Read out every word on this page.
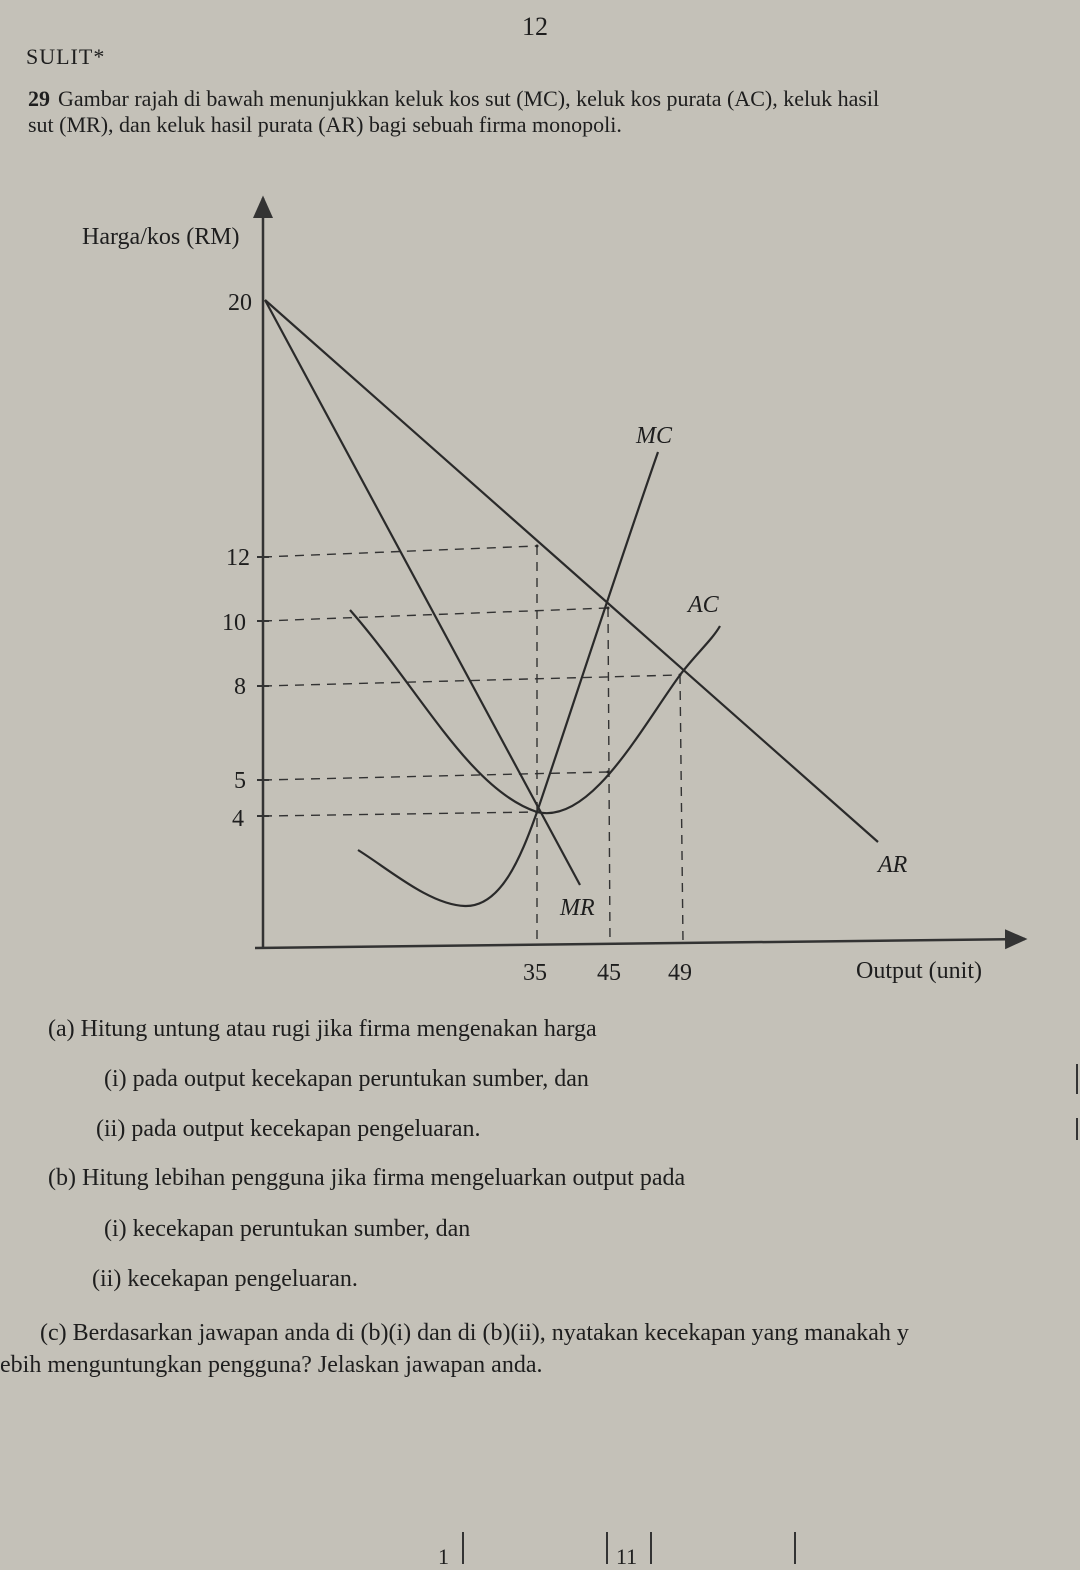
12
SULIT*
29 Gambar rajah di bawah menunjukkan keluk kos sut (MC), keluk kos purata (AC), keluk hasil
sut (MR), dan keluk hasil purata (AR) bagi sebuah firma monopoli.
20
12
10
8
5
4
35 45 49
Harga/kos (RM)
Output (unit)
MC
AC
AR
MR
(a) Hitung untung atau rugi jika firma mengenakan harga
(i) pada output kecekapan peruntukan sumber, dan
(ii) pada output kecekapan pengeluaran.
(b) Hitung lebihan pengguna jika firma mengeluarkan output pada
(i) kecekapan peruntukan sumber, dan
(ii) kecekapan pengeluaran.
(c) Berdasarkan jawapan anda di (b)(i) dan di (b)(ii), nyatakan kecekapan yang manakah y
ebih menguntungkan pengguna? Jelaskan jawapan anda.
1	11
